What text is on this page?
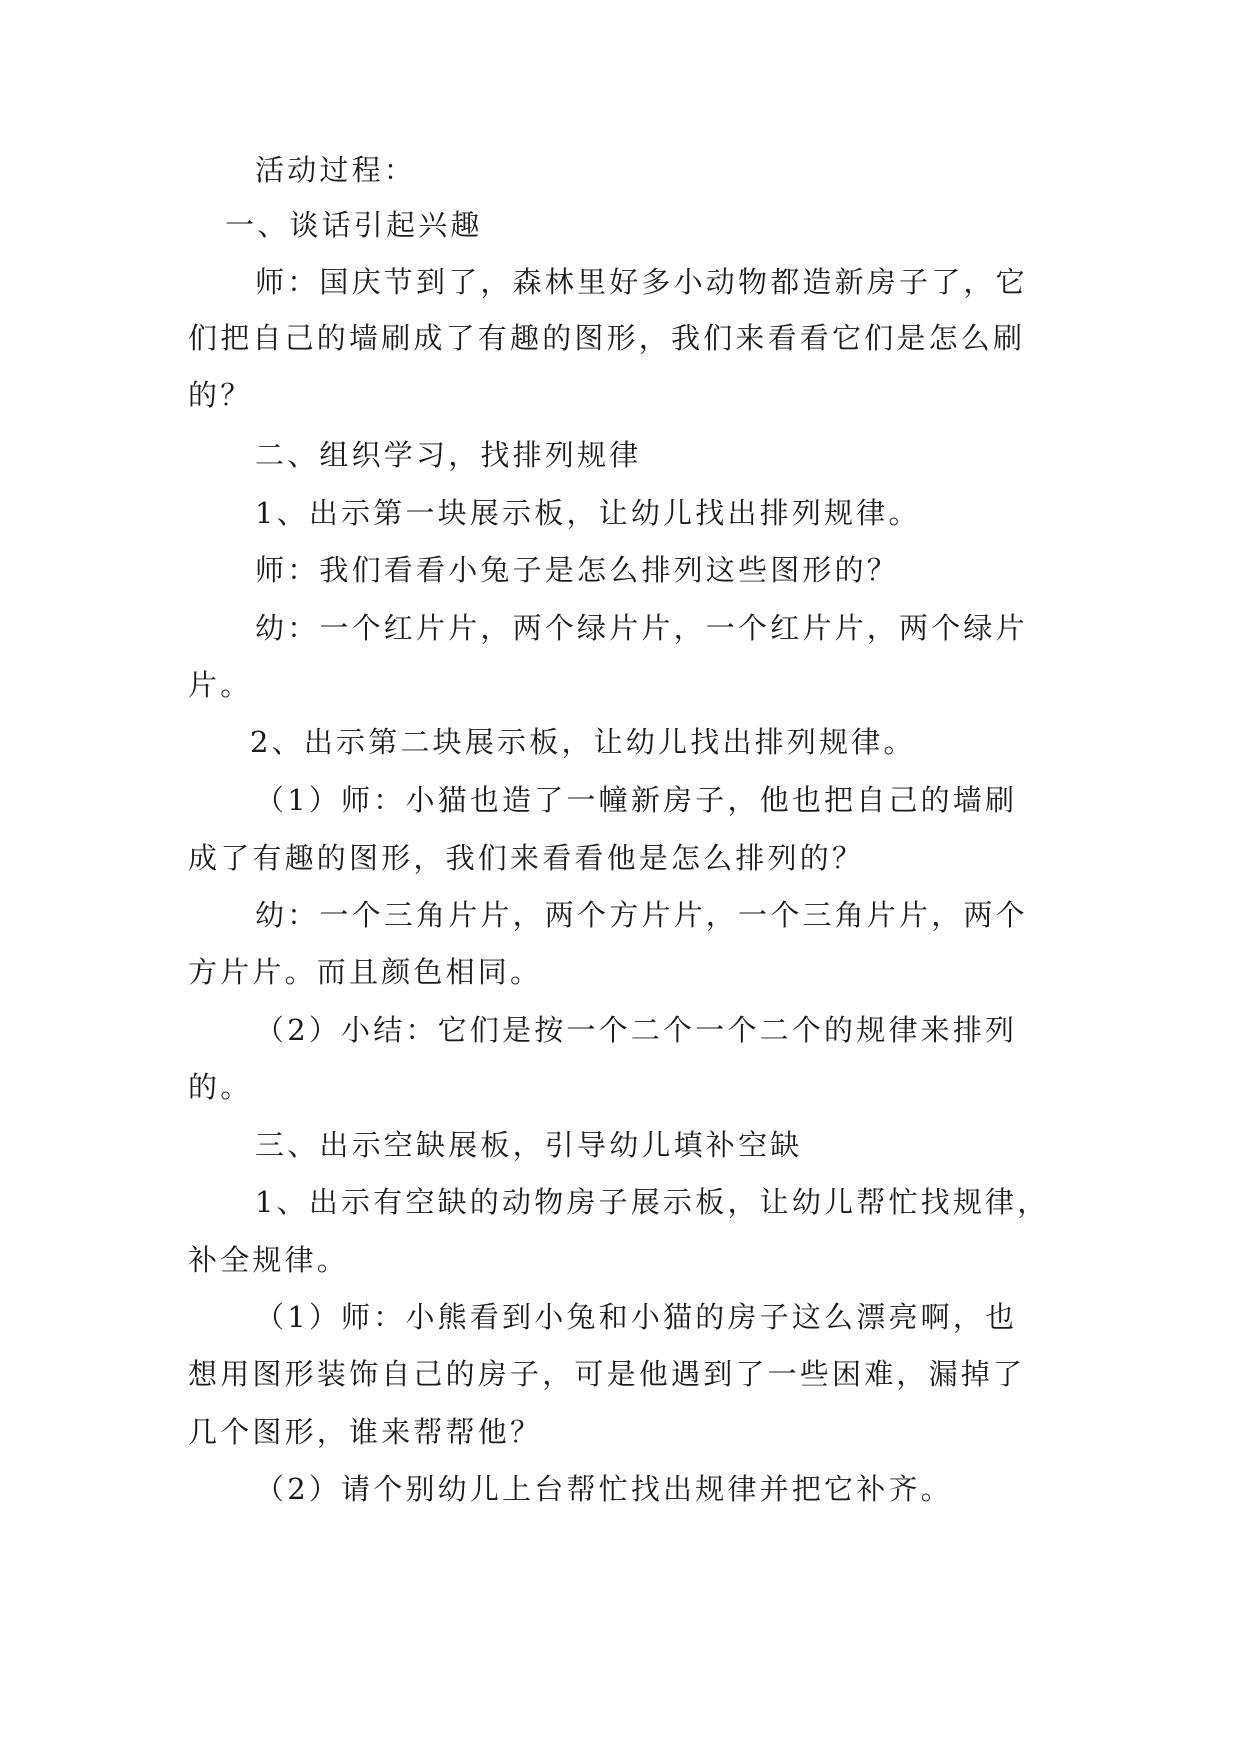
活动过程：
一、谈话引起兴趣
师：国庆节到了，森林里好多小动物都造新房子了，它
们把自己的墙刷成了有趣的图形，我们来看看它们是怎么刷
的？
二、组织学习，找排列规律
1、出示第一块展示板，让幼儿找出排列规律。
师：我们看看小兔子是怎么排列这些图形的？
幼：一个红片片，两个绿片片，一个红片片，两个绿片
片。
2、出示第二块展示板，让幼儿找出排列规律。
（1）师：小猫也造了一幢新房子，他也把自己的墙刷
成了有趣的图形，我们来看看他是怎么排列的？
幼：一个三角片片，两个方片片，一个三角片片，两个
方片片。而且颜色相同。
（2）小结：它们是按一个二个一个二个的规律来排列
的。
三、出示空缺展板，引导幼儿填补空缺
1、出示有空缺的动物房子展示板，让幼儿帮忙找规律，
补全规律。
（1）师：小熊看到小兔和小猫的房子这么漂亮啊，也
想用图形装饰自己的房子，可是他遇到了一些困难，漏掉了
几个图形，谁来帮帮他？
（2）请个别幼儿上台帮忙找出规律并把它补齐。
